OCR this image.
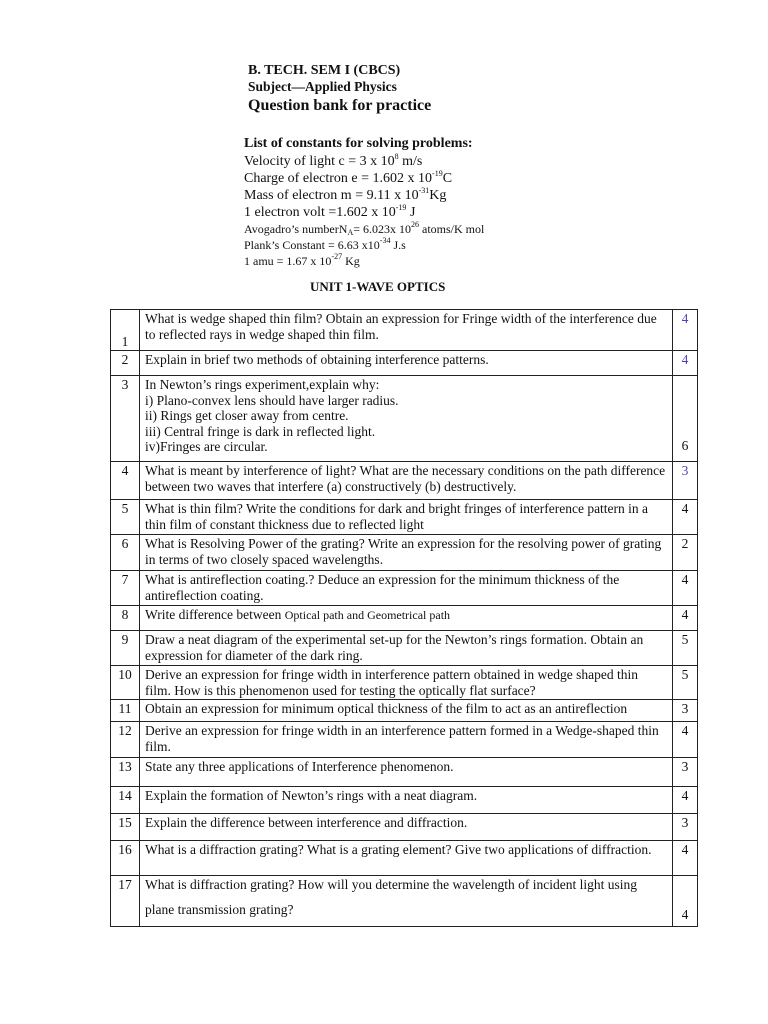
B. TECH. SEM I (CBCS)
Subject—Applied Physics
Question bank for practice
List of constants for solving problems:
Velocity of light c = 3 x $10^8$ m/s
Charge of electron e = 1.602 x $10^{-19}C$
Mass of electron m = 9.11 x $10^{-31}Kg$
1 electron volt =1.602 x $10^{-19}$ J
Avogadro’s numberN$_A$= 6.023x $10^{26}$ atoms/K mol
Plank’s Constant = 6.63 $x10^{-34}$ J.s
1 amu = 1.67 x $10^{-27}$ Kg
UNIT 1-WAVE OPTICS
1	What is wedge shaped thin film? Obtain an expression for Fringe width of the interference due to reflected rays in wedge shaped thin film.	4
2	Explain in brief two methods of obtaining interference patterns.	4
3	In Newton’s rings experiment,explain why:
i) Plano-convex lens should have larger radius.
ii) Rings get closer away from centre.
iii) Central fringe is dark in reflected light.
iv)Fringes are circular.	6
4	What is meant by interference of light? What are the necessary conditions on the path difference between two waves that interfere (a) constructively (b) destructively.	3
5	What is thin film? Write the conditions for dark and bright fringes of interference pattern in a thin film of constant thickness due to reflected light	4
6	What is Resolving Power of the grating? Write an expression for the resolving power of grating in terms of two closely spaced wavelengths.	2
7	What is antireflection coating.? Deduce an expression for the minimum thickness of the antireflection coating.	4
8	Write difference between Optical path and Geometrical path	4
9	Draw a neat diagram of the experimental set-up for the Newton’s rings formation. Obtain an expression for diameter of the dark ring.	5
10	Derive an expression for fringe width in interference pattern obtained in wedge shaped thin film. How is this phenomenon used for testing the optically flat surface?	5
11	Obtain an expression for minimum optical thickness of the film to act as an antireflection	3
12	Derive an expression for fringe width in an interference pattern formed in a Wedge-shaped thin film.	4
13	State any three applications of Interference phenomenon.	3
14	Explain the formation of Newton’s rings with a neat diagram.	4
15	Explain the difference between interference and diffraction.	3
16	What is a diffraction grating? What is a grating element? Give two applications of diffraction.	4
17	What is diffraction grating? How will you determine the wavelength of incident light using
plane transmission grating?	4
